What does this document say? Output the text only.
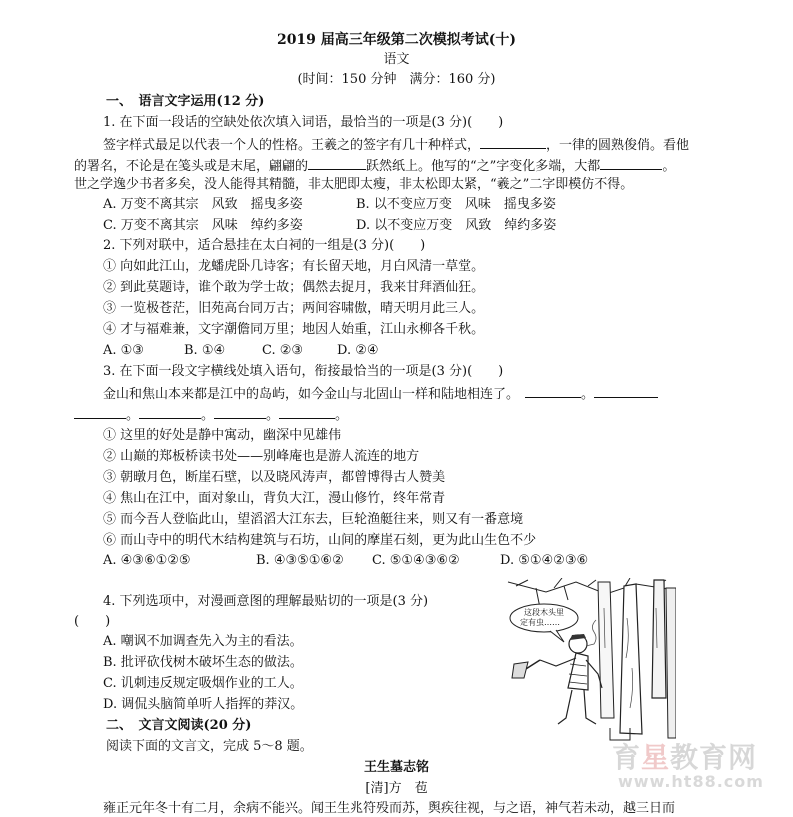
2019 届高三年级第二次模拟考试(十)
语文
(时间：150 分钟　满分：160 分)
一、　语言文字运用(12 分)
1. 在下面一段话的空缺处依次填入词语，最恰当的一项是(3 分)(　　)
签字样式最足以代表一个人的性格。王羲之的签字有几十种样式，	，一律的圆熟俊俏。看他
的署名，不论是在笺头或是末尾，翩翩的	跃然纸上。他写的“之”字变化多端，大都	。
世之学逸少书者多矣，没人能得其精髓，非太肥即太瘦，非太松即太紧，“羲之”二字即模仿不得。
A. 万变不离其宗　风致　摇曳多姿	B. 以不变应万变　风味　摇曳多姿
C. 万变不离其宗　风味　绰约多姿	D. 以不变应万变　风致　绰约多姿
2. 下列对联中，适合悬挂在太白祠的一组是(3 分)(　　)
① 向如此江山，龙蟠虎卧几诗客；有长留天地，月白风清一草堂。
② 到此莫题诗，谁个敢为学士故；偶然去捉月，我来甘拜酒仙狂。
③ 一览极苍茫，旧苑高台同万古；两间容啸傲，晴天明月此三人。
④ 才与福难兼，文字潮儋同万里；地因人始重，江山永柳各千秋。
A. ①③	B. ①④	C. ②③	D. ②④
3. 在下面一段文字横线处填入语句，衔接最恰当的一项是(3 分)(　　)
金山和焦山本来都是江中的岛屿，如今金山与北固山一样和陆地相连了。	。
。	。	。	。
① 这里的好处是静中寓动，幽深中见雄伟
② 山巅的郑板桥读书处——别峰庵也是游人流连的地方
③ 朝暾月色，断崖石壁，以及晓风涛声，都曾博得古人赞美
④ 焦山在江中，面对象山，背负大江，漫山修竹，终年常青
⑤ 而今吾人登临此山，望滔滔大江东去，巨轮渔艇往来，则又有一番意境
⑥ 而山寺中的明代木结构建筑与石坊，山间的摩崖石刻，更为此山生色不少
A. ④③⑥①②⑤	B. ④③⑤①⑥② C. ⑤①④③⑥②	D. ⑤①④②③⑥
4. 下列选项中，对漫画意图的理解最贴切的一项是(3 分)
(　　)
A. 嘲讽不加调查先入为主的看法。
B. 批评砍伐树木破坏生态的做法。
C. 讥刺违反规定吸烟作业的工人。
D. 调侃头脑简单听人指挥的莽汉。
这段木头里
定有虫……
二、　文言文阅读(20 分)
阅读下面的文言文，完成 5～8 题。
王生墓志铭
[清]方　苞
雍正元年冬十有二月，余病不能兴。闻王生兆符殁而苏，舆疾往视，与之语，神气若未动，越三日而
育星教育网
www.ht88.com
